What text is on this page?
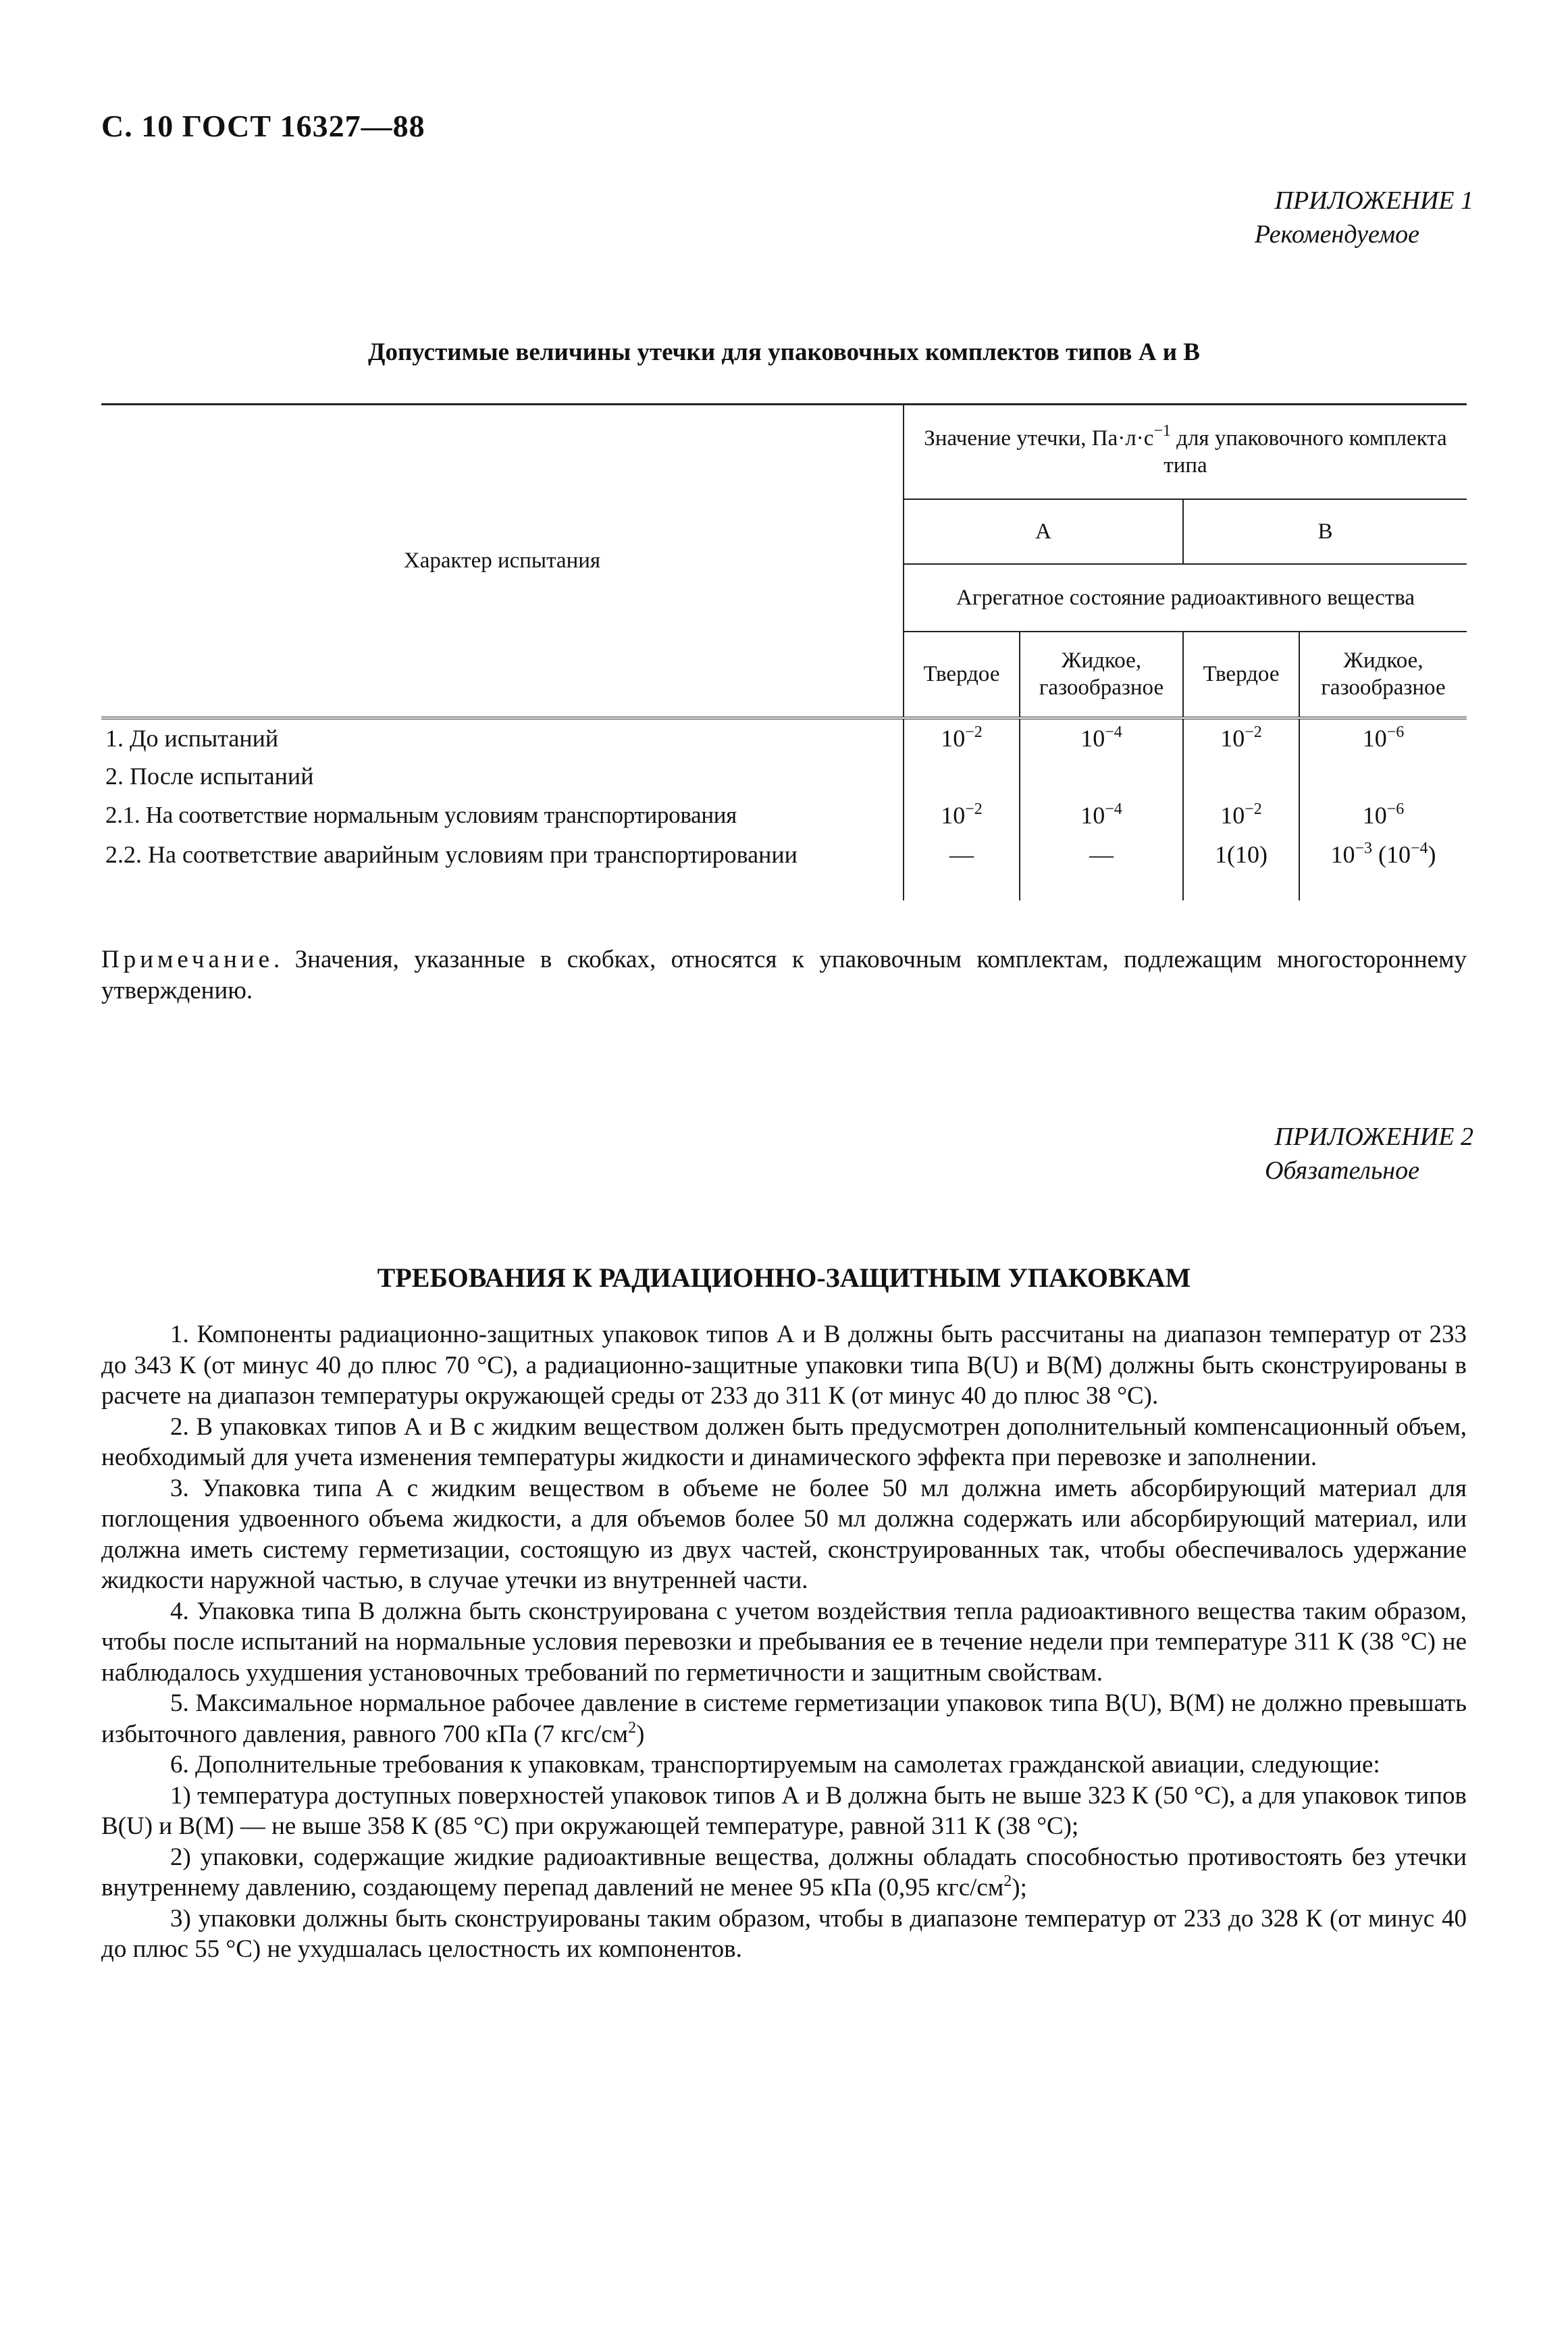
С. 10 ГОСТ 16327—88
ПРИЛОЖЕНИЕ 1
Рекомендуемое
Допустимые величины утечки для упаковочных комплектов типов А и В
Характер испытания	Значение утечки, $Па\cdot л\cdot с^{-1}$ для упаковочного комплекта типа			
	А		В	
	Агрегатное состояние радиоактивного вещества			
	Твердое	Жидкое, газообразное	Твердое	Жидкое, газообразное
1. До испытаний	$10^{-2}$	$10^{-4}$	$10^{-2}$	$10^{-6}$
2. После испытаний				
2.1. На соответствие нормальным условиям транспортирования	$10^{-2}$	$10^{-4}$	$10^{-2}$	$10^{-6}$
2.2. На соответствие аварийным условиям при транспортировании	—	—	1(10)	$10^{-3}$ $(10^{-4})$
Примечание. Значения, указанные в скобках, относятся к упаковочным комплектам, подлежащим многостороннему утверждению.
ПРИЛОЖЕНИЕ 2
Обязательное
ТРЕБОВАНИЯ К РАДИАЦИОННО-ЗАЩИТНЫМ УПАКОВКАМ

1. Компоненты радиационно-защитных упаковок типов А и В должны быть рассчитаны на диапазон температур от 233 до 343 К (от минус 40 до плюс 70 °С), а радиационно-защитные упаковки типа B(U) и В(М) должны быть сконструированы в расчете на диапазон температуры окружающей среды от 233 до 311 К (от минус 40 до плюс 38 °С).

2. В упаковках типов А и В с жидким веществом должен быть предусмотрен дополнительный компенсационный объем, необходимый для учета изменения температуры жидкости и динамического эффекта при перевозке и заполнении.

3. Упаковка типа А с жидким веществом в объеме не более 50 мл должна иметь абсорбирующий материал для поглощения удвоенного объема жидкости, а для объемов более 50 мл должна содержать или абсорбирующий материал, или должна иметь систему герметизации, состоящую из двух частей, сконструированных так, чтобы обеспечивалось удержание жидкости наружной частью, в случае утечки из внутренней части.

4. Упаковка типа В должна быть сконструирована с учетом воздействия тепла радиоактивного вещества таким образом, чтобы после испытаний на нормальные условия перевозки и пребывания ее в течение недели при температуре 311 К (38 °С) не наблюдалось ухудшения установочных требований по герметичности и защитным свойствам.

5. Максимальное нормальное рабочее давление в системе герметизации упаковок типа B(U), В(М) не должно превышать избыточного давления, равного 700 кПа (7 кгс/$см^2$)

6. Дополнительные требования к упаковкам, транспортируемым на самолетах гражданской авиации, следующие:

1) температура доступных поверхностей упаковок типов А и В должна быть не выше 323 К (50 °С), а для упаковок типов B(U) и В(М) — не выше 358 К (85 °С) при окружающей температуре, равной 311 К (38 °С);

2) упаковки, содержащие жидкие радиоактивные вещества, должны обладать способностью противостоять без утечки внутреннему давлению, создающему перепад давлений не менее 95 кПа (0,95 кгс/$см^2$);

3) упаковки должны быть сконструированы таким образом, чтобы в диапазоне температур от 233 до 328 К (от минус 40 до плюс 55 °С) не ухудшалась целостность их компонентов.
